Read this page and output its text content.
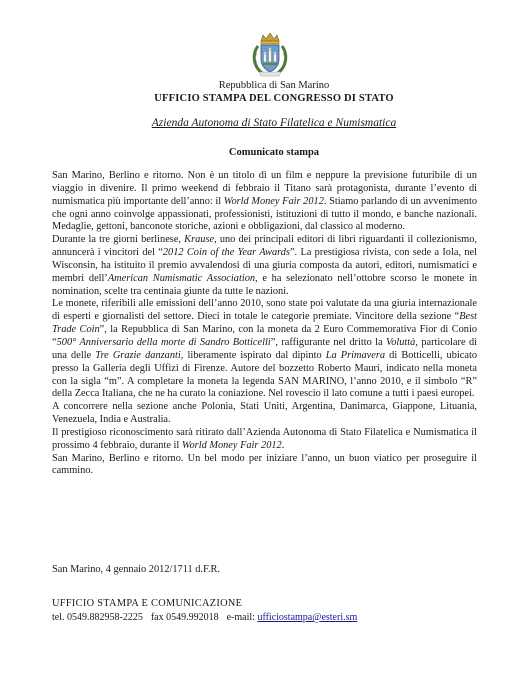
Repubblica di San Marino
UFFICIO STAMPA DEL CONGRESSO DI STATO
Azienda Autonoma di Stato Filatelica e Numismatica
Comunicato stampa

San Marino, Berlino e ritorno. Non è un titolo di un film e neppure la previsione futuribile di un viaggio in divenire. Il primo weekend di febbraio il Titano sarà protagonista, durante l’evento di numismatica più importante dell’anno: il World Money Fair 2012. Stiamo parlando di un avvenimento che ogni anno coinvolge appassionati, professionisti, istituzioni di tutto il mondo, e banche nazionali. Medaglie, gettoni, banconote storiche, azioni e obbligazioni, dal classico al moderno.

Durante la tre giorni berlinese, Krause, uno dei principali editori di libri riguardanti il collezionismo, annuncerà i vincitori del “2012 Coin of the Year Awards”. La prestigiosa rivista, con sede a Iola, nel Wisconsin, ha istituito il premio avvalendosi di una giuria composta da autori, editori, numismatici e membri dell’American Numismatic Association, e ha selezionato nell’ottobre scorso le monete in nomination, scelte tra centinaia giunte da tutte le nazioni.

Le monete, riferibili alle emissioni dell’anno 2010, sono state poi valutate da una giuria internazionale di esperti e giornalisti del settore. Dieci in totale le categorie premiate. Vincitore della sezione “Best Trade Coin”, la Repubblica di San Marino, con la moneta da 2 Euro Commemorativa Fior di Conio “500° Anniversario della morte di Sandro Botticelli”, raffigurante nel dritto la Voluttà, particolare di una delle Tre Grazie danzanti, liberamente ispirato dal dipinto La Primavera di Botticelli, ubicato presso la Galleria degli Uffizi di Firenze. Autore del bozzetto Roberto Mauri, indicato nella moneta con la sigla “m”. A completare la moneta la legenda SAN MARINO, l’anno 2010, e il simbolo “R” della Zecca Italiana, che ne ha curato la coniazione. Nel rovescio il lato comune a tutti i paesi europei.

A concorrere nella sezione anche Polonia, Stati Uniti, Argentina, Danimarca, Giappone, Lituania, Venezuela, India e Australia.

Il prestigioso riconoscimento sarà ritirato dall’Azienda Autonoma di Stato Filatelica e Numismatica il prossimo 4 febbraio, durante il World Money Fair 2012.

San Marino, Berlino e ritorno. Un bel modo per iniziare l’anno, un buon viatico per proseguire il cammino.

San Marino, 4 gennaio 2012/1711 d.F.R.
UFFICIO STAMPA E COMUNICAZIONE
tel. 0549.882958-2225 fax 0549.992018 e-mail: ufficiostampa@esteri.sm
